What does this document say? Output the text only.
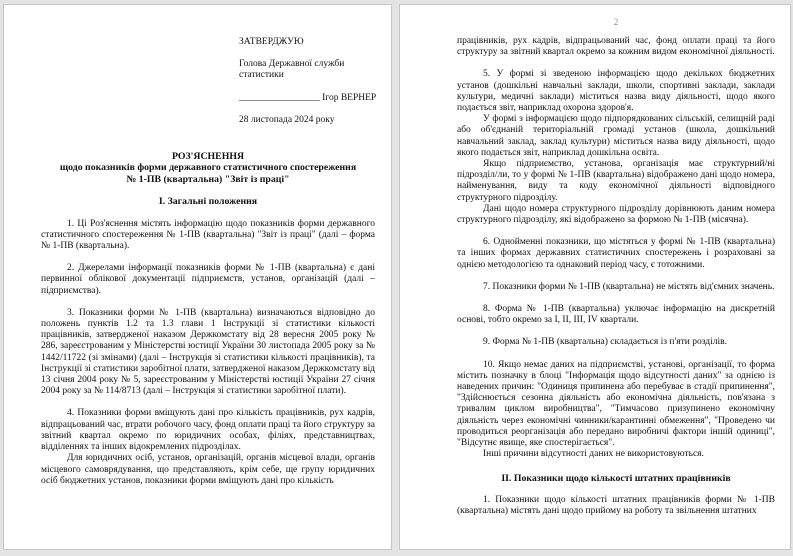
ЗАТВЕРДЖУЮ
Голова Державної служби статистики
_________________ Ігор ВЕРНЕР
28 листопада 2024 року
РОЗ'ЯСНЕННЯ
щодо показників форми державного статистичного спостереження
№ 1-ПВ (квартальна) "Звіт із праці"
I. Загальні положення

1. Ці Роз'яснення містять інформацію щодо показників форми державного статистичного спостереження № 1-ПВ (квартальна) "Звіт із праці" (далі – форма № 1-ПВ (квартальна).

2. Джерелами інформації показників форми № 1-ПВ (квартальна) є дані первинної облікової документації підприємств, установ, організацій (далі – підприємства).

3. Показники форми № 1-ПВ (квартальна) визначаються відповідно до положень пунктів 1.2 та 1.3 глави 1 Інструкції зі статистики кількості працівників, затвердженої наказом Держкомстату від 28 вересня 2005 року № 286, зареєстрованим у Міністерстві юстиції України 30 листопада 2005 року за № 1442/11722 (зі змінами) (далі – Інструкція зі статистики кількості працівників), та Інструкції зі статистики заробітної плати, затвердженої наказом Держкомстату від 13 січня 2004 року № 5, зареєстрованим у Міністерстві юстиції України 27 січня 2004 року за № 114/8713 (далі – Інструкція зі статистики заробітної плати).

4. Показники форми вміщують дані про кількість працівників, рух кадрів, відпрацьований час, втрати робочого часу, фонд оплати праці та його структуру за звітний квартал окремо по юридичних особах, філіях, представництвах, відділеннях та інших відокремлених підрозділах.

Для юридичних осіб, установ, організацій, органів місцевої влади, органів місцевого самоврядування, що представляють, крім себе, ще групу юридичних осіб бюджетних установ, показники форми вміщують дані про кількість

2

працівників, рух кадрів, відпрацьований час, фонд оплати праці та його структуру за звітний квартал окремо за кожним видом економічної діяльності.

5. У формі зі зведеною інформацією щодо декількох бюджетних установ (дошкільні навчальні заклади, школи, спортивні заклади, заклади культури, медичні заклади) міститься назва виду діяльності, щодо якого подається звіт, наприклад охорона здоров'я.

У формі з інформацією щодо підпорядкованих сільській, селищній раді або об'єднаній територіальній громаді установ (школа, дошкільний навчальний заклад, заклад культури) міститься назва виду діяльності, щодо якого подається звіт, наприклад дошкільна освіта.

Якщо підприємство, установа, організація має структурний/ні підрозділ/ли, то у формі № 1-ПВ (квартальна) відображено дані щодо номера, найменування, виду та коду економічної діяльності відповідного структурного підрозділу.

Дані щодо номера структурного підрозділу дорівнюють даним номера структурного підрозділу, які відображено за формою № 1-ПВ (місячна).

6. Однойменні показники, що містяться у формі № 1-ПВ (квартальна) та інших формах державних статистичних спостережень і розраховані за однією методологією та однаковий період часу, є тотожними.

7. Показники форми № 1-ПВ (квартальна) не містять від'ємних значень.

8. Форма № 1-ПВ (квартальна) уключає інформацію на дискретній основі, тобто окремо за I, II, III, IV квартали.

9. Форма № 1-ПВ (квартальна) складається із п'яти розділів.

10. Якщо немає даних на підприємстві, установі, організації, то форма містить позначку в блоці "Інформація щодо відсутності даних" за однією із наведених причин: "Одиниця припинена або перебуває в стадії припинення", "Здійснюється сезонна діяльність або економічна діяльність, пов'язана з тривалим циклом виробництва", "Тимчасово призупинено економічну діяльність через економічні чинники/карантинні обмеження", "Проведено чи проводиться реорганізація або передано виробничі фактори іншій одиниці", "Відсутнє явище, яке спостерігається".

Інші причини відсутності даних не використовуються.

II. Показники щодо кількості штатних працівників

1. Показники щодо кількості штатних працівників форми № 1-ПВ (квартальна) містять дані щодо прийому на роботу та звільнення штатних
